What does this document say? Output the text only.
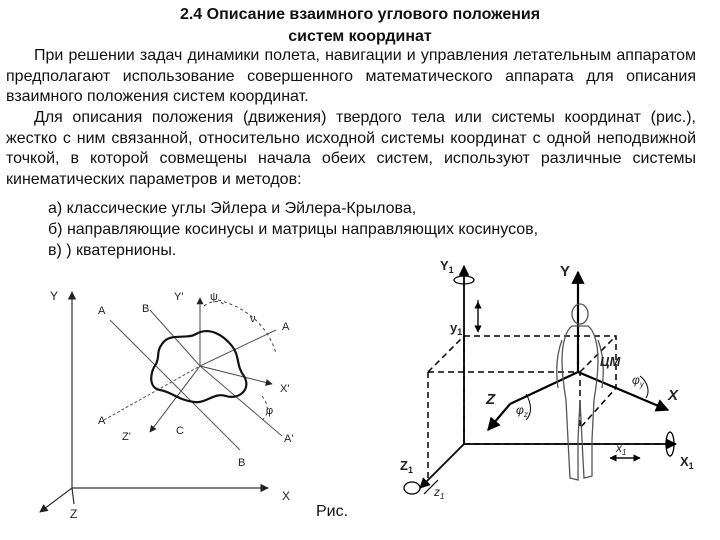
2.4 Описание взаимного углового положения
систем координат
При решении задач динамики полета, навигации и управления летательным аппаратом предполагают использование совершенного математического аппарата для описания взаимного положения систем координат.
Для описания положения (движения) твердого тела или системы координат (рис.), жестко с ним связанной, относительно исходной системы координат с одной неподвижной точкой, в которой совмещены начала обеих систем, используют различные системы кинематических параметров и методов:
а) классические углы Эйлера и Эйлера-Крылова,
б) направляющие косинусы и матрицы направляющих косинусов,
в) ) кватернионы.
Y
X
Z
Y'
X'
Z'
A	B
A
A
C
A'
B
ψ
ν
φ
$Y_1$
$y_1$
Y
ЦМ
Z	X
$X_1$
$x_1$
$Z_1$
$z_1$
$\varphi_y$
$\varphi_z$
Рис.
